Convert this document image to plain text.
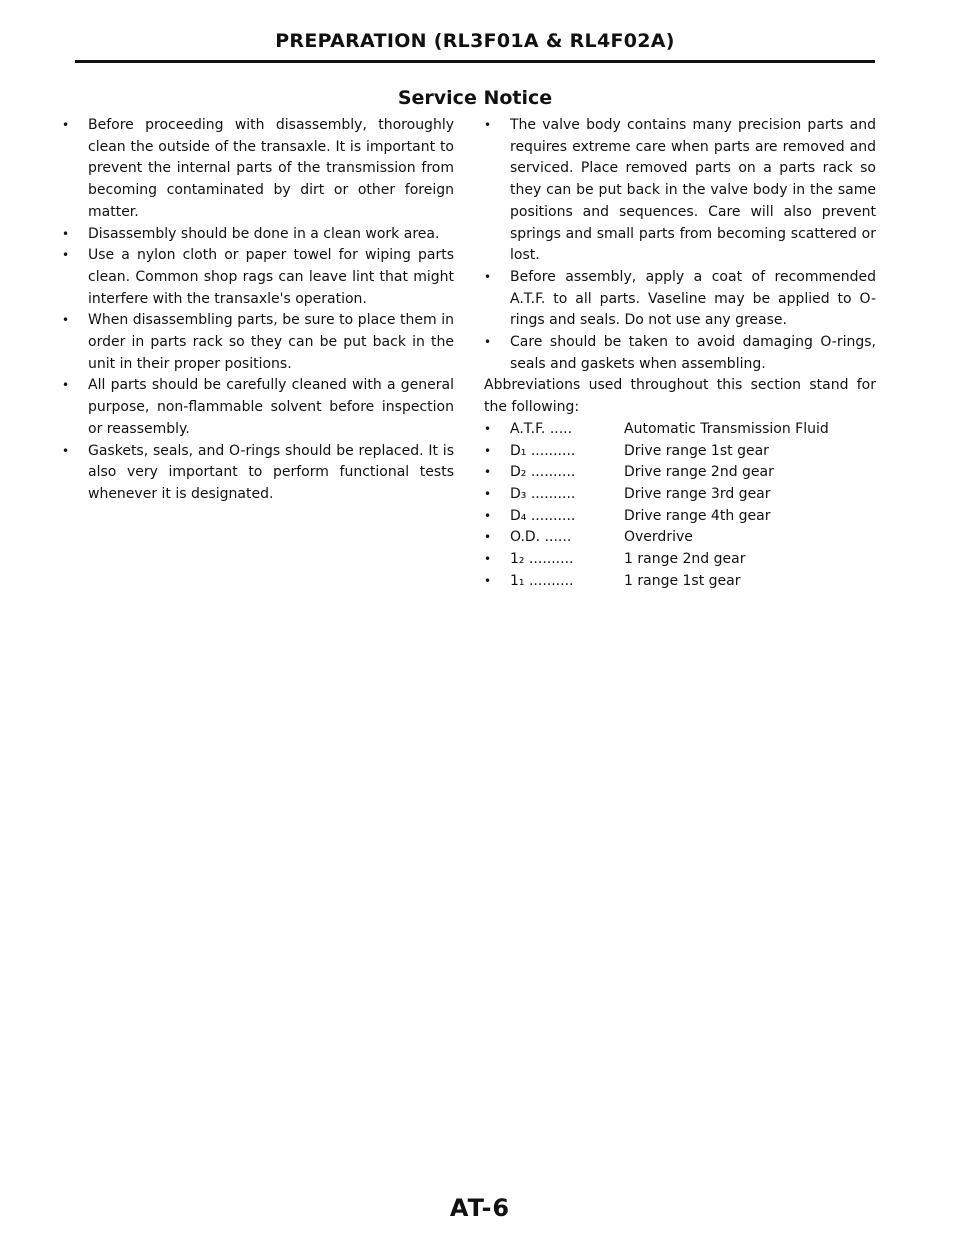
PREPARATION (RL3F01A & RL4F02A)
Service Notice
•	Before proceeding with disassembly, thoroughly clean the outside of the transaxle. It is important to prevent the internal parts of the transmission from becoming contaminated by dirt or other foreign matter.
•	Disassembly should be done in a clean work area.
•	Use a nylon cloth or paper towel for wiping parts clean. Common shop rags can leave lint that might interfere with the transaxle's operation.
•	When disassembling parts, be sure to place them in order in parts rack so they can be put back in the unit in their proper positions.
•	All parts should be carefully cleaned with a general purpose, non-flammable solvent before inspection or reassembly.
•	Gaskets, seals, and O-rings should be replaced. It is also very important to perform functional tests whenever it is designated.
•	The valve body contains many precision parts and requires extreme care when parts are removed and serviced. Place removed parts on a parts rack so they can be put back in the valve body in the same positions and sequences. Care will also prevent springs and small parts from becoming scattered or lost.
•	Before assembly, apply a coat of recommended A.T.F. to all parts. Vaseline may be applied to O-rings and seals. Do not use any grease.
•	Care should be taken to avoid damaging O-rings, seals and gaskets when assembling.
Abbreviations used throughout this section stand for the following:
•	A.T.F. .....	Automatic Transmission Fluid
•	D₁ ..........	Drive range 1st gear
•	D₂ ..........	Drive range 2nd gear
•	D₃ ..........	Drive range 3rd gear
•	D₄ ..........	Drive range 4th gear
•	O.D. ......	Overdrive
•	1₂ ..........	1 range 2nd gear
•	1₁ ..........	1 range 1st gear
AT-6
